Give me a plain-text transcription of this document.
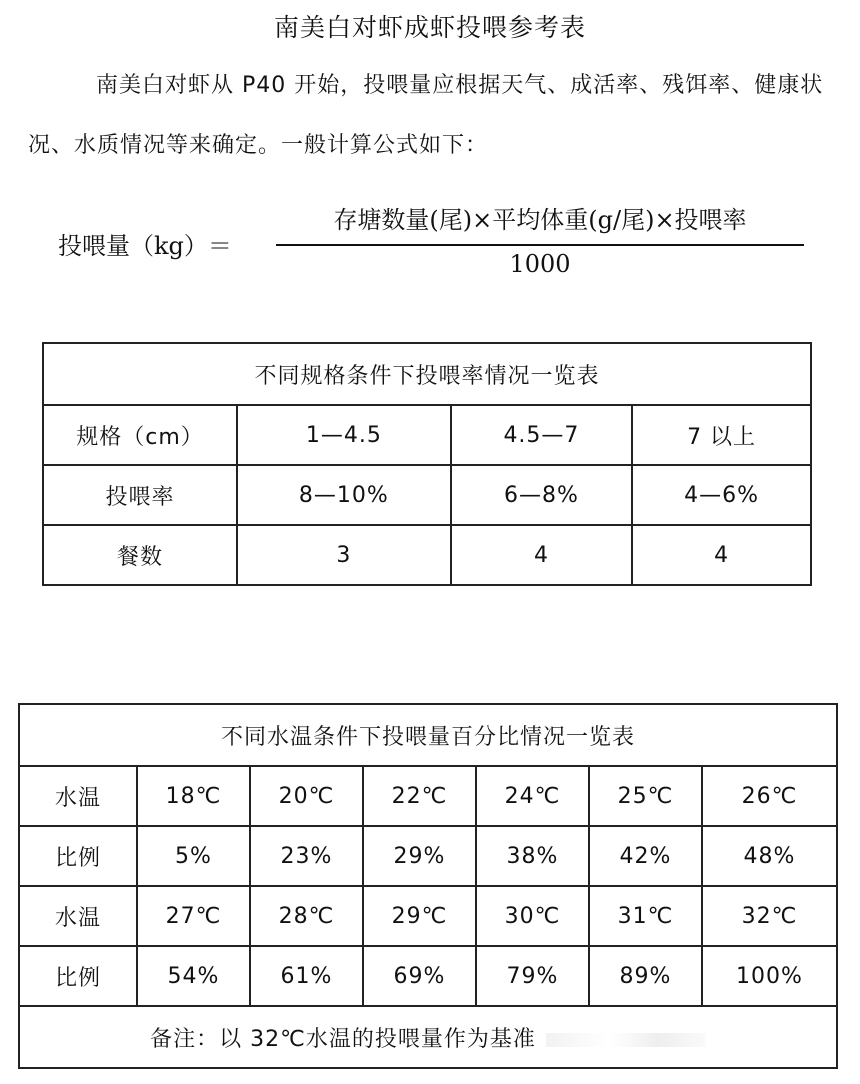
南美白对虾成虾投喂参考表
南美白对虾从 P40 开始，投喂量应根据天气、成活率、残饵率、健康状况、水质情况等来确定。一般计算公式如下：
投喂量（kg）＝
存塘数量(尾)×平均体重(g/尾)×投喂率
1000
不同规格条件下投喂率情况一览表			
规格（cm）	1—4.5	4.5—7	7 以上
投喂率	8—10%	6—8%	4—6%
餐数	3	4	4
不同水温条件下投喂量百分比情况一览表						
水温	18℃	20℃	22℃	24℃	25℃	26℃
比例	5%	23%	29%	38%	42%	48%
水温	27℃	28℃	29℃	30℃	31℃	32℃
比例	54%	61%	69%	79%	89%	100%
备注：以 32℃水温的投喂量作为基准						
